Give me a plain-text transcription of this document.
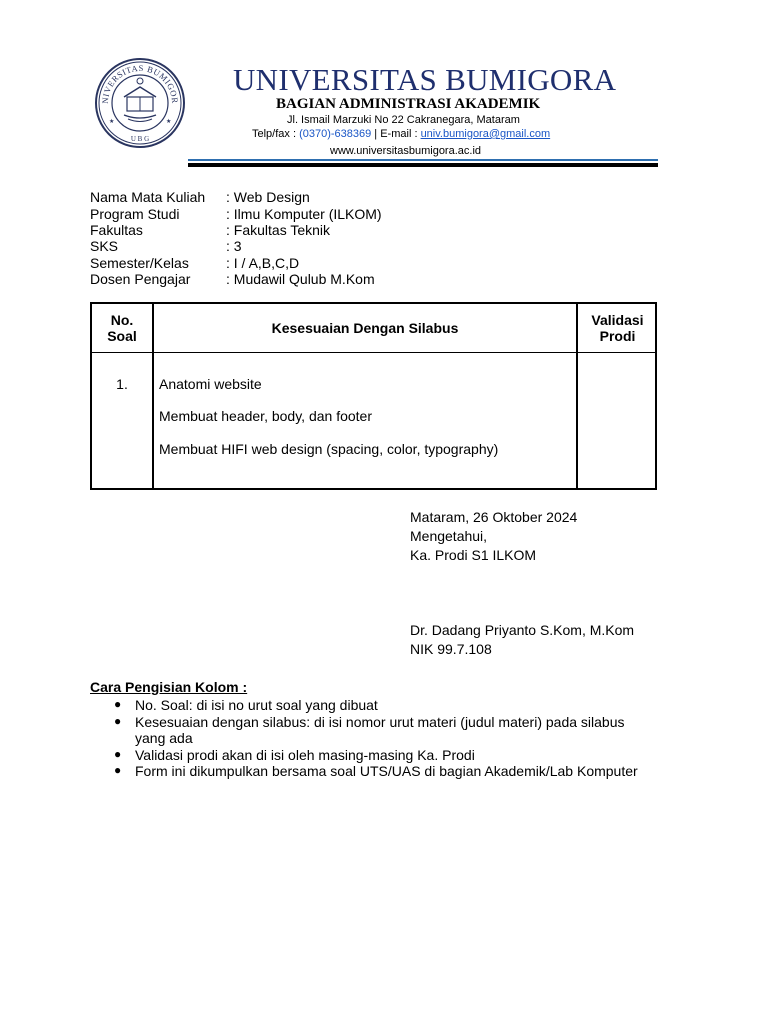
NIVERSITAS BUMIGOR
U B G
★	★
UNIVERSITAS BUMIGORA
BAGIAN ADMINISTRASI AKADEMIK
Jl. Ismail Marzuki No 22 Cakranegara, Mataram
Telp/fax : (0370)-638369 | E-mail : univ.bumigora@gmail.com
www.universitasbumigora.ac.id
Nama Mata Kuliah	: Web Design
Program Studi	: Ilmu Komputer (ILKOM)
Fakultas	: Fakultas Teknik
SKS	: 3
Semester/Kelas	: I / A,B,C,D
Dosen Pengajar	: Mudawil Qulub M.Kom
No.
Soal	Kesesuaian Dengan Silabus	Validasi
Prodi
1.	Anatomi website
Membuat header, body, dan footer
Membuat HIFI web design (spacing, color, typography)
Mataram, 26 Oktober 2024
Mengetahui,
Ka. Prodi S1 ILKOM
Dr. Dadang Priyanto S.Kom, M.Kom
NIK 99.7.108
Cara Pengisian Kolom :
● No. Soal: di isi no urut soal yang dibuat
● Kesesuaian dengan silabus: di isi nomor urut materi (judul materi) pada silabus yang ada
● Validasi prodi akan di isi oleh masing-masing Ka. Prodi
● Form ini dikumpulkan bersama soal UTS/UAS di bagian Akademik/Lab Komputer
